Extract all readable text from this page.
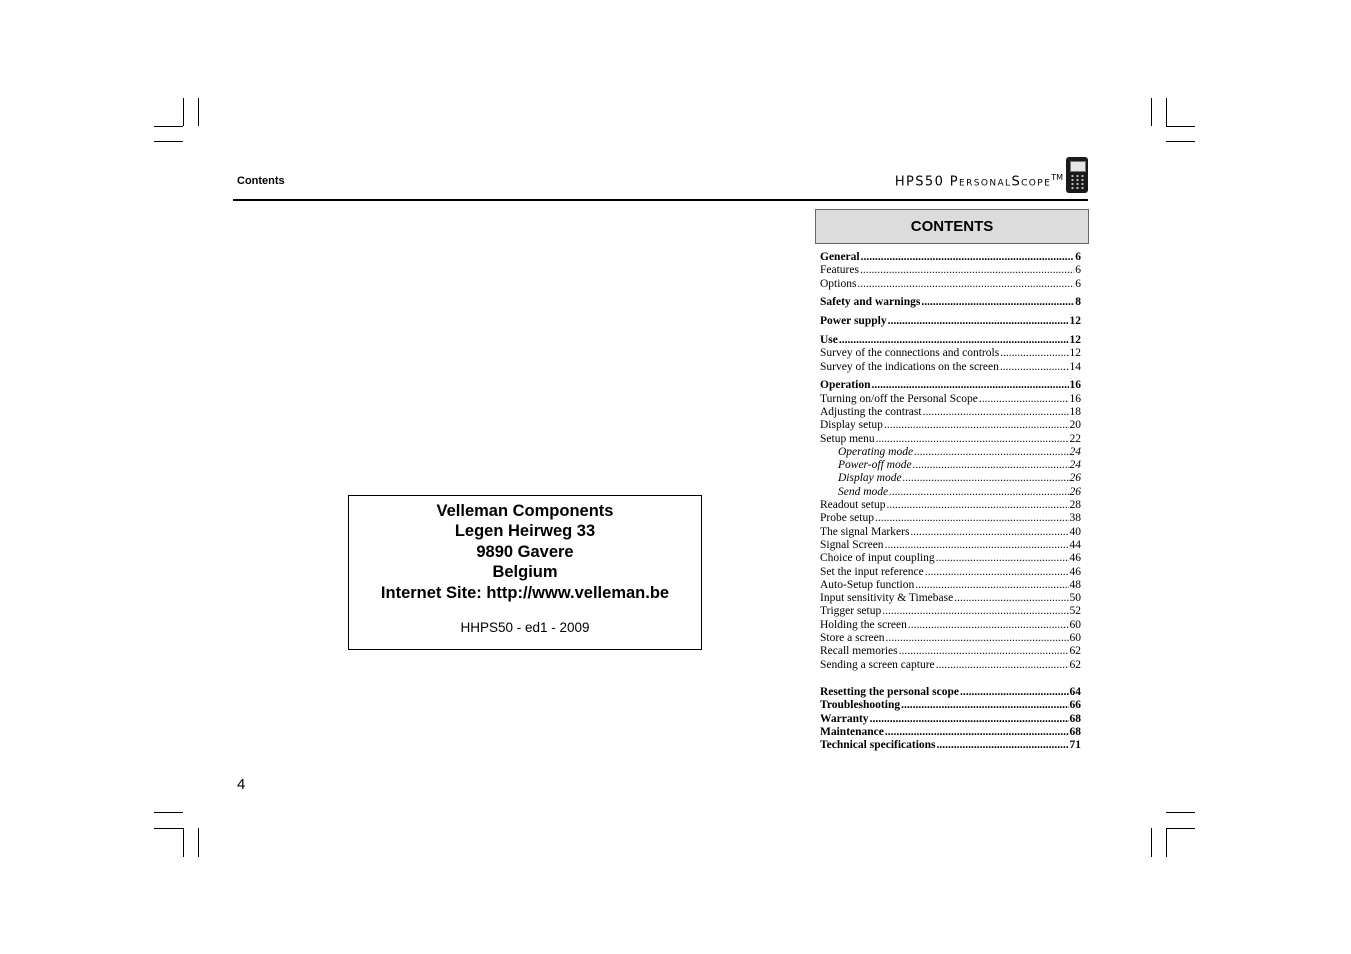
Contents	HPS50 PersonalScope™
CONTENTS
General .....	6
Features .....	6
Options .....	6
Safety and warnings .....	8
Power supply .....	12
Use .....	12
Survey of the connections and controls .....	12
Survey of the indications on the screen .....	14
Operation .....	16
Turning on/off the Personal Scope .....	16
Adjusting the contrast .....	18
Display setup .....	20
Setup menu .....	22
Operating mode .....	24
Power-off mode .....	24
Display mode .....	26
Send mode .....	26
Readout setup .....	28
Probe setup .....	38
The signal Markers .....	40
Signal Screen .....	44
Choice of input coupling .....	46
Set the input reference .....	46
Auto-Setup function .....	48
Input sensitivity & Timebase .....	50
Trigger setup .....	52
Holding the screen .....	60
Store a screen .....	60
Recall memories .....	62
Sending a screen capture .....	62
Resetting the personal scope .....	64
Troubleshooting .....	66
Warranty .....	68
Maintenance .....	68
Technical specifications .....	71
Velleman Components
Legen Heirweg 33
9890 Gavere
Belgium
Internet Site: http://www.velleman.be
HHPS50 - ed1 - 2009
4
